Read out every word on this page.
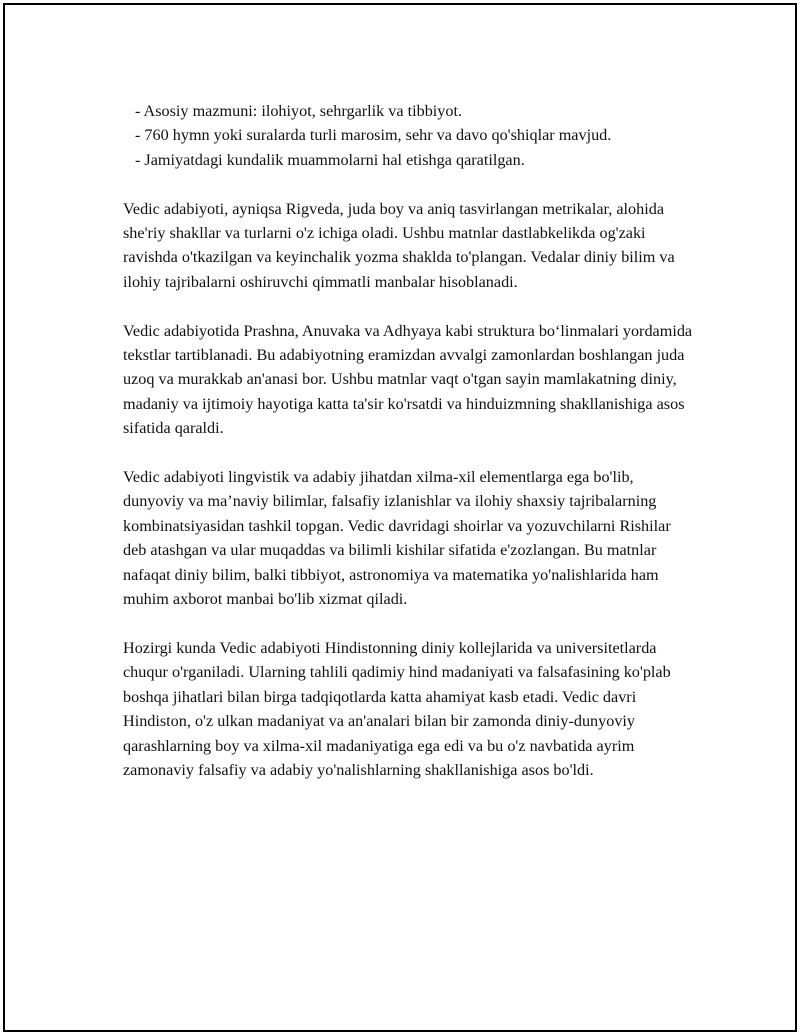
- Asosiy mazmuni: ilohiyot, sehrgarlik va tibbiyot.
- 760 hymn yoki suralarda turli marosim, sehr va davo qo'shiqlar mavjud.
- Jamiyatdagi kundalik muammolarni hal etishga qaratilgan.

Vedic adabiyoti, ayniqsa Rigveda, juda boy va aniq tasvirlangan metrikalar, alohida she'riy shakllar va turlarni o'z ichiga oladi. Ushbu matnlar dastlabkelikda og'zaki ravishda o'tkazilgan va keyinchalik yozma shaklda to'plangan. Vedalar diniy bilim va ilohiy tajribalarni oshiruvchi qimmatli manbalar hisoblanadi.

Vedic adabiyotida Prashna, Anuvaka va Adhyaya kabi struktura bo‘linmalari yordamida tekstlar tartiblanadi. Bu adabiyotning eramizdan avvalgi zamonlardan boshlangan juda uzoq va murakkab an'anasi bor. Ushbu matnlar vaqt o'tgan sayin mamlakatning diniy, madaniy va ijtimoiy hayotiga katta ta'sir ko'rsatdi va hinduizmning shakllanishiga asos sifatida qaraldi.

Vedic adabiyoti lingvistik va adabiy jihatdan xilma-xil elementlarga ega bo'lib, dunyoviy va ma’naviy bilimlar, falsafiy izlanishlar va ilohiy shaxsiy tajribalarning kombinatsiyasidan tashkil topgan. Vedic davridagi shoirlar va yozuvchilarni Rishilar deb atashgan va ular muqaddas va bilimli kishilar sifatida e'zozlangan. Bu matnlar nafaqat diniy bilim, balki tibbiyot, astronomiya va matematika yo'nalishlarida ham muhim axborot manbai bo'lib xizmat qiladi.

Hozirgi kunda Vedic adabiyoti Hindistonning diniy kollejlarida va universitetlarda chuqur o'rganiladi. Ularning tahlili qadimiy hind madaniyati va falsafasining ko'plab boshqa jihatlari bilan birga tadqiqotlarda katta ahamiyat kasb etadi. Vedic davri Hindiston, o'z ulkan madaniyat va an'analari bilan bir zamonda diniy-dunyoviy qarashlarning boy va xilma-xil madaniyatiga ega edi va bu o'z navbatida ayrim zamonaviy falsafiy va adabiy yo'nalishlarning shakllanishiga asos bo'ldi.
